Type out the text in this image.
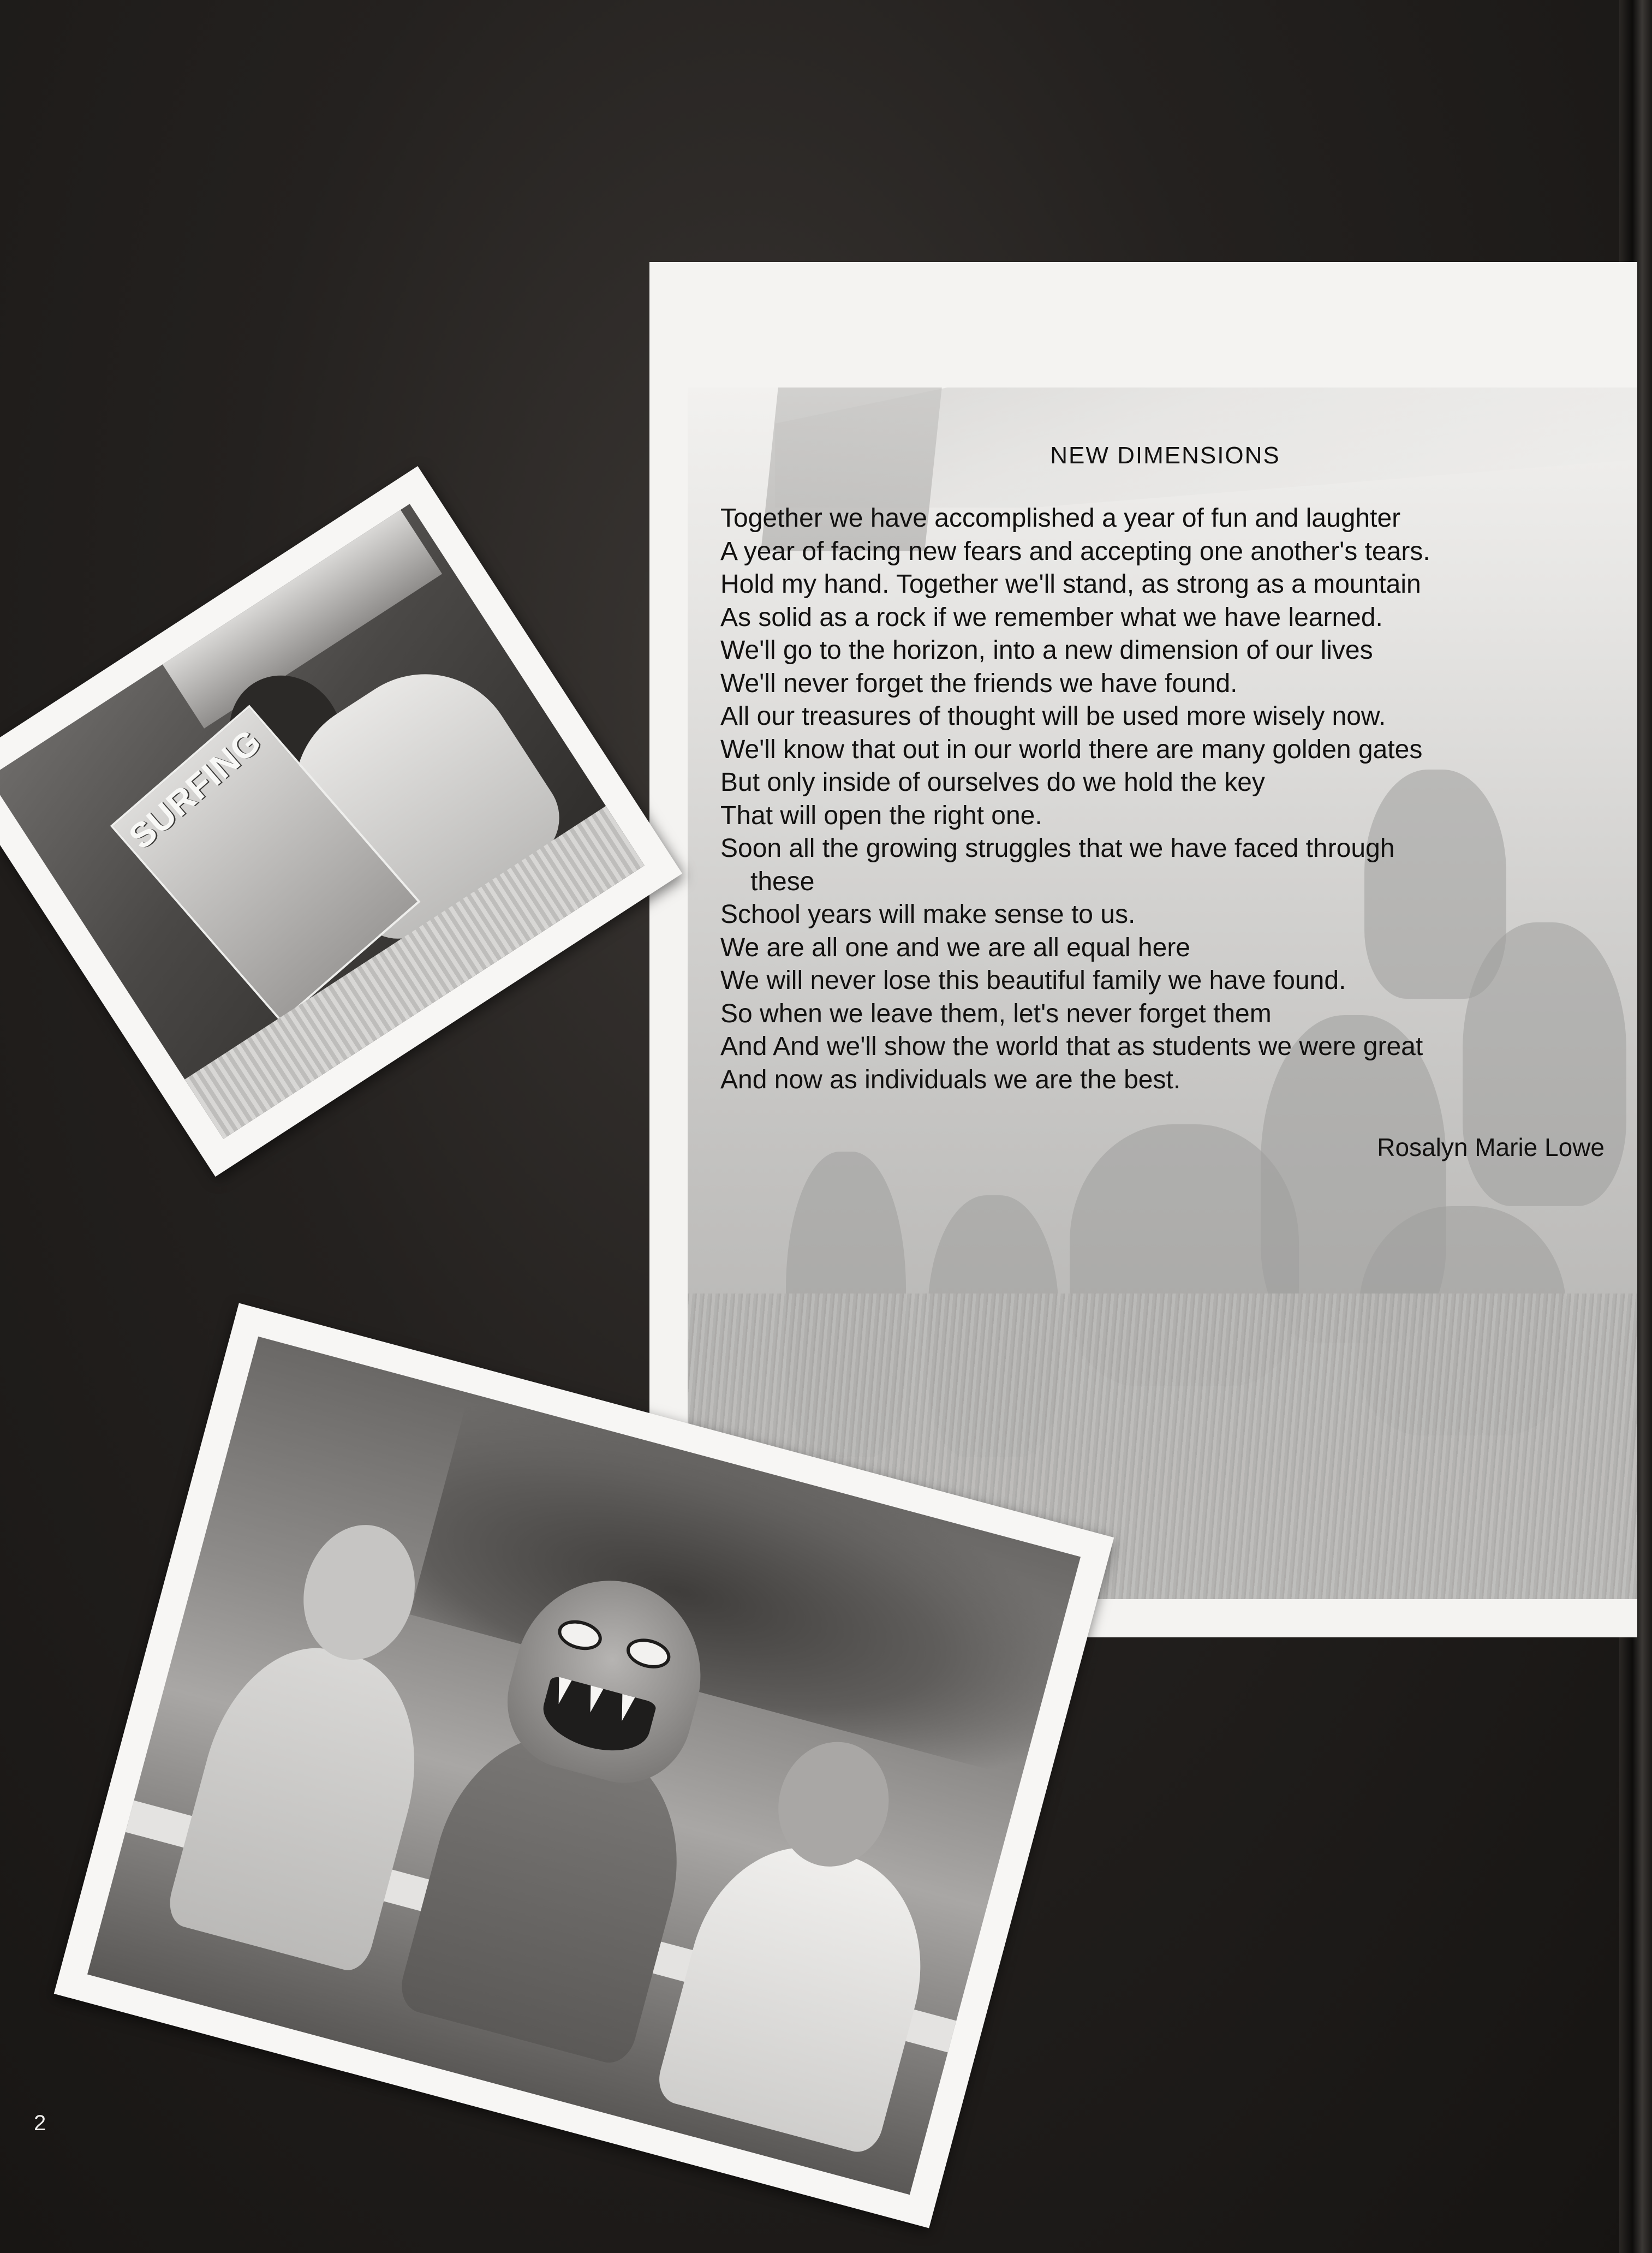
NEW DIMENSIONS
Together we have accomplished a year of fun and laughter
A year of facing new fears and accepting one another's tears.
Hold my hand. Together we'll stand, as strong as a mountain
As solid as a rock if we remember what we have learned.
We'll go to the horizon, into a new dimension of our lives
We'll never forget the friends we have found.
All our treasures of thought will be used more wisely now.
We'll know that out in our world there are many golden gates
But only inside of ourselves do we hold the key
That will open the right one.
Soon all the growing struggles that we have faced through
these
School years will make sense to us.
We are all one and we are all equal here
We will never lose this beautiful family we have found.
So when we leave them, let's never forget them
And And we'll show the world that as students we were great
And now as individuals we are the best.
Rosalyn Marie Lowe
SURFING
2
